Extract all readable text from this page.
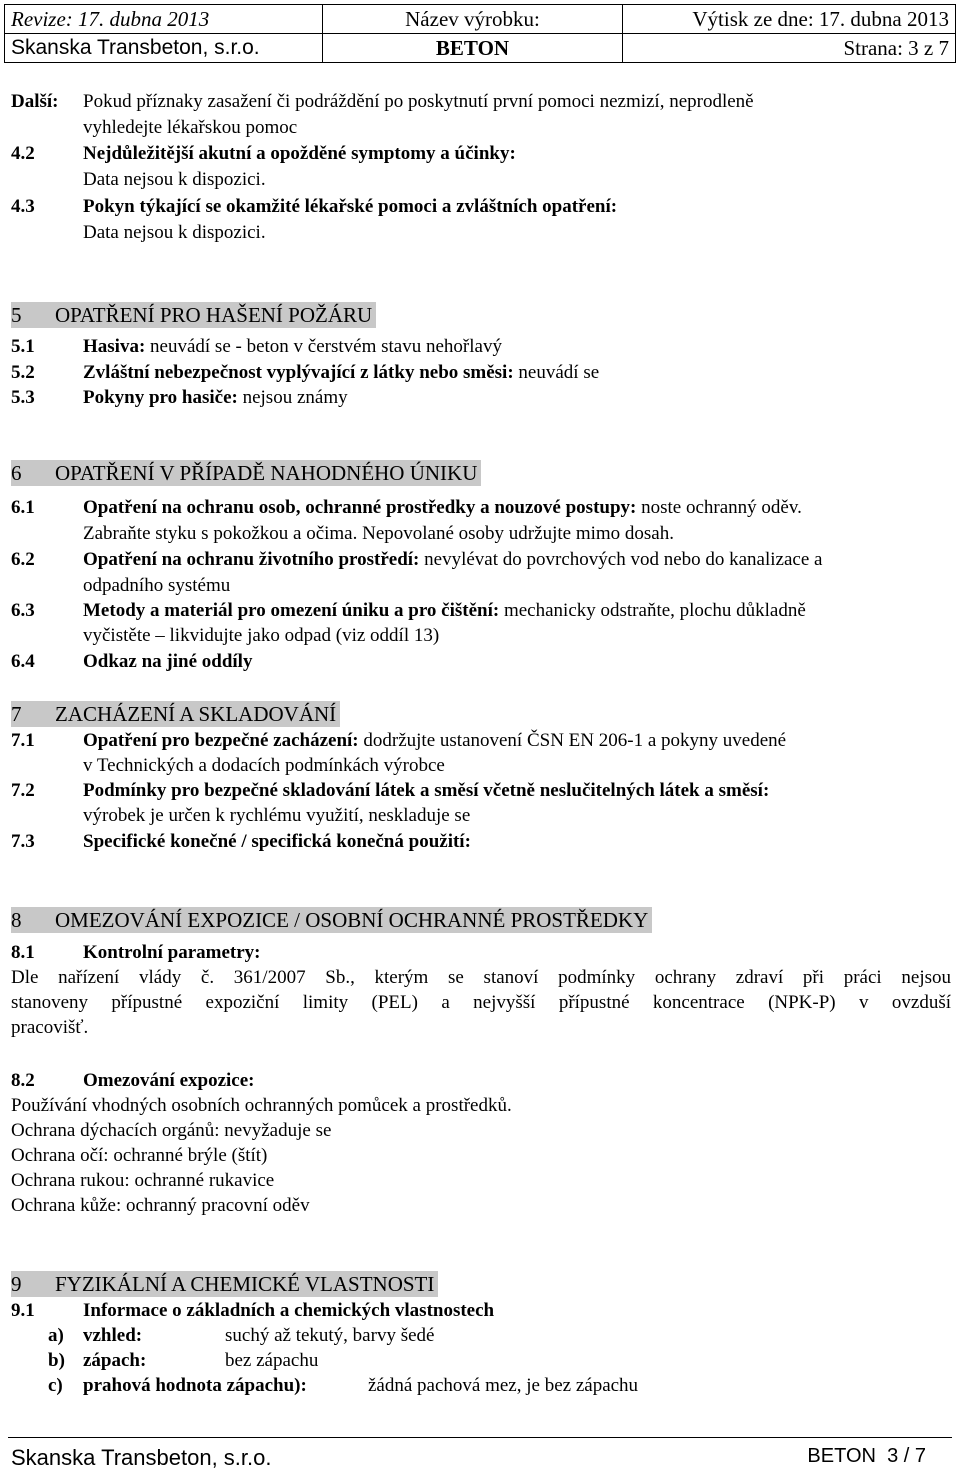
Revize: 17. dubna 2013	Název výrobku:	Výtisk ze dne: 17. dubna 2013
Skanska Transbeton, s.r.o.	BETON	Strana: 3 z 7
Další: Pokud příznaky zasažení či podráždění po poskytnutí první pomoci nezmizí, neprodleně
vyhledejte lékařskou pomoc
4.2	Nejdůležitější akutní a opožděné symptomy a účinky:
Data nejsou k dispozici.
4.3	Pokyn týkající se okamžité lékařské pomoci a zvláštních opatření:
Data nejsou k dispozici.
5 OPATŘENÍ PRO HAŠENÍ POŽÁRU
5.1	Hasiva: neuvádí se - beton v čerstvém stavu nehořlavý
5.2	Zvláštní nebezpečnost vyplývající z látky nebo směsi: neuvádí se
5.3	Pokyny pro hasiče: nejsou známy
6 OPATŘENÍ V PŘÍPADĚ NAHODNÉHO ÚNIKU
6.1	Opatření na ochranu osob, ochranné prostředky a nouzové postupy: noste ochranný oděv.
Zabraňte styku s pokožkou a očima. Nepovolané osoby udržujte mimo dosah.
6.2	Opatření na ochranu životního prostředí: nevylévat do povrchových vod nebo do kanalizace a
odpadního systému
6.3	Metody a materiál pro omezení úniku a pro čištění: mechanicky odstraňte, plochu důkladně
vyčistěte – likvidujte jako odpad (viz oddíl 13)
6.4	Odkaz na jiné oddíly
7 ZACHÁZENÍ A SKLADOVÁNÍ
7.1	Opatření pro bezpečné zacházení: dodržujte ustanovení ČSN EN 206-1 a pokyny uvedené
v Technických a dodacích podmínkách výrobce
7.2	Podmínky pro bezpečné skladování látek a směsí včetně neslučitelných látek a směsí:
výrobek je určen k rychlému využití, neskladuje se
7.3	Specifické konečné / specifická konečná použití:
8 OMEZOVÁNÍ EXPOZICE / OSOBNÍ OCHRANNÉ PROSTŘEDKY
8.1	Kontrolní parametry:
Dle nařízení vlády č. 361/2007 Sb., kterým se stanoví podmínky ochrany zdraví při práci nejsou
stanoveny přípustné expoziční limity (PEL) a nejvyšší přípustné koncentrace (NPK-P) v ovzduší
pracovišť.
8.2	Omezování expozice:
Používání vhodných osobních ochranných pomůcek a prostředků.
Ochrana dýchacích orgánů: nevyžaduje se
Ochrana očí: ochranné brýle (štít)
Ochrana rukou: ochranné rukavice
Ochrana kůže: ochranný pracovní oděv
9 FYZIKÁLNÍ A CHEMICKÉ VLASTNOSTI
9.1	Informace o základních a chemických vlastnostech
a) vzhled:	suchý až tekutý, barvy šedé
b) zápach:	bez zápachu
c) prahová hodnota zápachu):	žádná pachová mez, je bez zápachu
Skanska Transbeton, s.r.o.	BETON 3 / 7
